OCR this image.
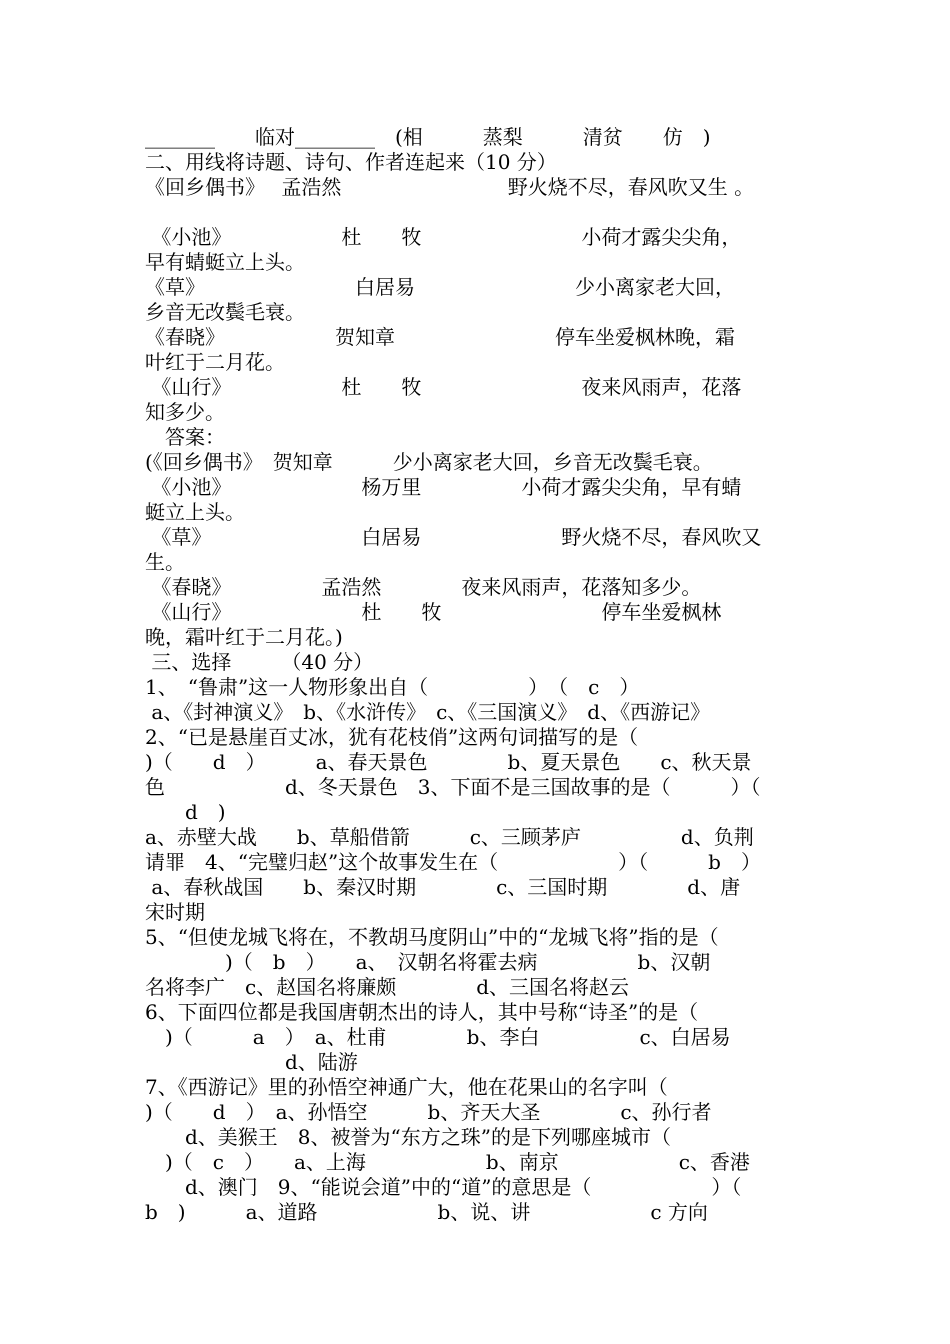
_______　　临对________　(相　　　蒸梨　　　清贫　　仿　)
二、用线将诗题、诗句、作者连起来（10 分）
《回乡偶书》　 孟浩然　　　　　　　　 野火烧不尽，春风吹又生 。
《小池》　　　　　　杜　　牧　　　　　　　　小荷才露尖尖角，
早有蜻蜓立上头。
《草》　　　　　　　　白居易　　　　　　　　少小离家老大回，
乡音无改鬓毛衰。
《春晓》　　　　　　贺知章　　　　　　　　停车坐爱枫林晚，霜
叶红于二月花。
《山行》　　　　　　杜　　牧　　　　　　　　夜来风雨声，花落
知多少。
　答案：
(《回乡偶书》　贺知章　　　少小离家老大回，乡音无改鬓毛衰。
《小池》　　　　　　　杨万里　　　　　小荷才露尖尖角，早有蜻
蜓立上头。
《草》　　　　　　　　白居易　　　　　　　野火烧不尽，春风吹又
生。
《春晓》　　　　　孟浩然　　　　夜来风雨声，花落知多少。
《山行》　　　　　　　杜　　牧　　　　　　　　停车坐爱枫林
晚，霜叶红于二月花。)
三、选择　　　（40 分）
1、　“鲁肃”这一人物形象出自（　　　　　）　（　c　）
a、《封神演义》　b、《水浒传》　c、《三国演义》　d、《西游记》
2、“已是悬崖百丈冰，犹有花枝俏”这两句词描写的是（
)（　　d　）　　　a、春天景色　　　　b、夏天景色　　c、秋天景
色　　　　　　d、冬天景色　3、下面不是三国故事的是（　　　）（
　　d　)
a、赤壁大战　　b、草船借箭　　　c、三顾茅庐　　　　　d、负荆
请罪　4、“完璧归赵”这个故事发生在（　　　　　　）（　　　b　）
a、春秋战国　　b、秦汉时期　　　　c、三国时期　　　　d、唐
宋时期
5、“但使龙城飞将在，不教胡马度阴山”中的“龙城飞将”指的是（
　　　　)（　b　）　　a、　汉朝名将霍去病　　　　　b、汉朝
名将李广　c、赵国名将廉颇　　　　d、三国名将赵云
6、下面四位都是我国唐朝杰出的诗人，其中号称“诗圣”的是（
　)（　　　a　）　a、杜甫　　　　b、李白　　　　　c、白居易
　　　　　　　d、陆游
7、《西游记》里的孙悟空神通广大，他在花果山的名字叫（
)（　　d　）　a、孙悟空　　　b、齐天大圣　　　　c、孙行者
　　d、美猴王　8、被誉为“东方之珠”的是下列哪座城市（
　)（　c　）　　a、上海　　　　　　b、南京　　　　　　c、香港
　　d、澳门　9、“能说会道”中的“道”的意思是（　　　　　　）（
b　)　　　a、道路　　　　　　b、说、讲　　　　　　c 方向
